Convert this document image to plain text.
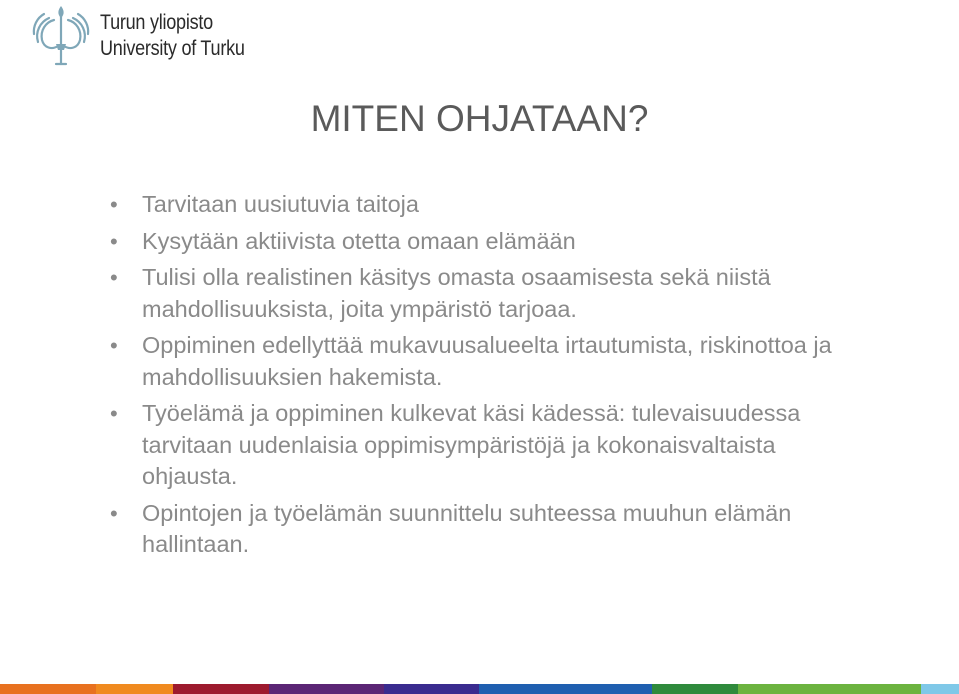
Turun yliopisto
University of Turku
MITEN OHJATAAN?
• Tarvitaan uusiutuvia taitoja
• Kysytään aktiivista otetta omaan elämään
• Tulisi olla realistinen käsitys omasta osaamisesta sekä niistä mahdollisuuksista, joita ympäristö tarjoaa.
• Oppiminen edellyttää mukavuusalueelta irtautumista, riskinottoa ja mahdollisuuksien hakemista.
• Työelämä ja oppiminen kulkevat käsi kädessä: tulevaisuudessa tarvitaan uudenlaisia oppimisympäristöjä ja kokonaisvaltaista ohjausta.
• Opintojen ja työelämän suunnittelu suhteessa muuhun elämän hallintaan.
